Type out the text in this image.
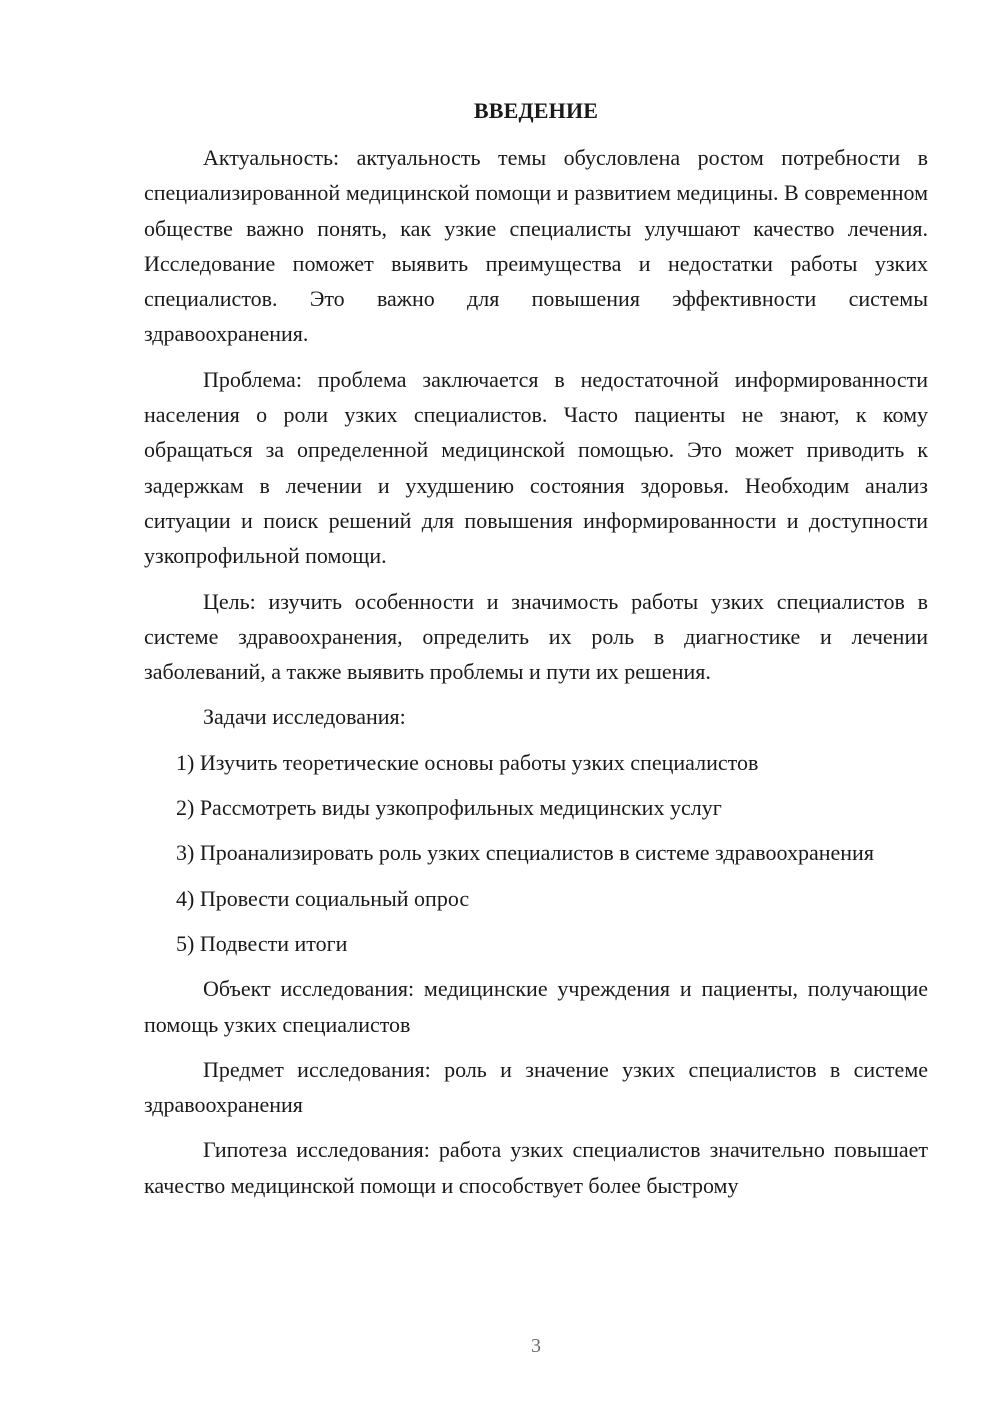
ВВЕДЕНИЕ

Актуальность: актуальность темы обусловлена ростом потребности в специализированной медицинской помощи и развитием медицины. В современном обществе важно понять, как узкие специалисты улучшают качество лечения. Исследование поможет выявить преимущества и недостатки работы узких специалистов. Это важно для повышения эффективности системы здравоохранения.

Проблема: проблема заключается в недостаточной информированности населения о роли узких специалистов. Часто пациенты не знают, к кому обращаться за определенной медицинской помощью. Это может приводить к задержкам в лечении и ухудшению состояния здоровья. Необходим анализ ситуации и поиск решений для повышения информированности и доступности узкопрофильной помощи.

Цель: изучить особенности и значимость работы узких специалистов в системе здравоохранения, определить их роль в диагностике и лечении заболеваний, а также выявить проблемы и пути их решения.

Задачи исследования:

1) Изучить теоретические основы работы узких специалистов

2) Рассмотреть виды узкопрофильных медицинских услуг

3) Проанализировать роль узких специалистов в системе здравоохранения

4) Провести социальный опрос

5) Подвести итоги

Объект исследования: медицинские учреждения и пациенты, получающие помощь узких специалистов

Предмет исследования: роль и значение узких специалистов в системе здравоохранения

Гипотеза исследования: работа узких специалистов значительно повышает качество медицинской помощи и способствует более быстрому

3
